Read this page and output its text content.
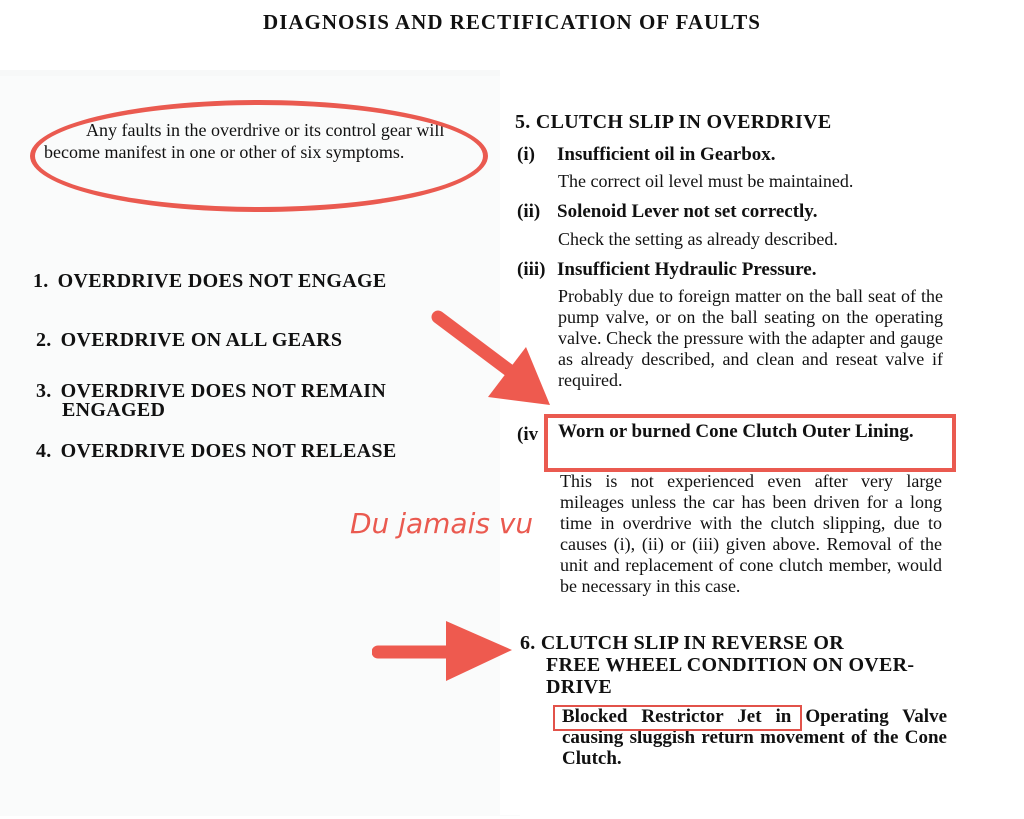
DIAGNOSIS AND RECTIFICATION OF FAULTS
Any faults in the overdrive or its control gear will become manifest in one or other of six symptoms.
1. OVERDRIVE DOES NOT ENGAGE
2. OVERDRIVE ON ALL GEARS
3. OVERDRIVE DOES NOT REMAIN
ENGAGED
4. OVERDRIVE DOES NOT RELEASE
Du jamais vu
5. CLUTCH SLIP IN OVERDRIVE
(i) Insufficient oil in Gearbox.
The correct oil level must be maintained.
(ii) Solenoid Lever not set correctly.
Check the setting as already described.
(iii) Insufficient Hydraulic Pressure.
Probably due to foreign matter on the ball seat of the pump valve, or on the ball seating on the operating valve. Check the pressure with the adapter and gauge as already described, and clean and reseat valve if required.
(iv	Worn or burned Cone Clutch Outer Lining.
This is not experienced even after very large mileages unless the car has been driven for a long time in overdrive with the clutch slipping, due to causes (i), (ii) or (iii) given above. Removal of the unit and replacement of cone clutch member, would be necessary in this case.
6. CLUTCH SLIP IN REVERSE OR
FREE WHEEL CONDITION ON OVER-
DRIVE
Blocked Restrictor Jet in Operating Valve causing sluggish return movement of the Cone Clutch.
